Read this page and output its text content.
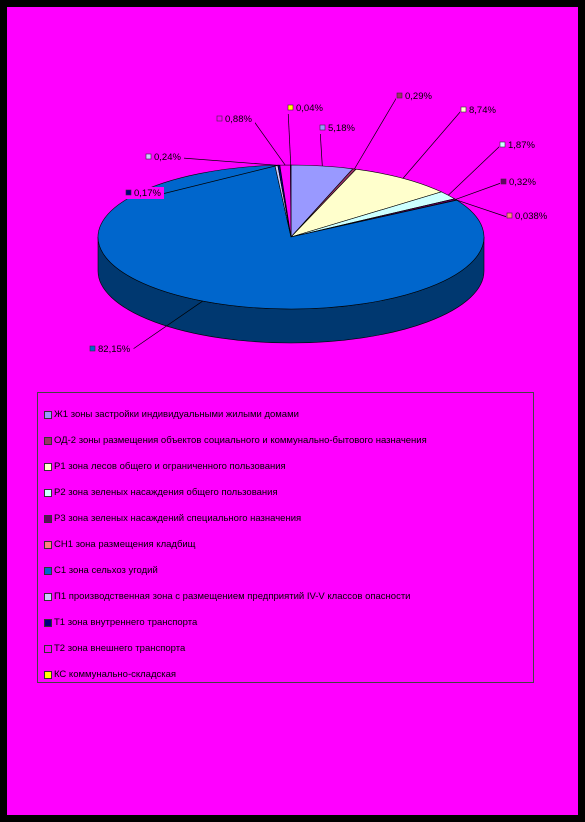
5,18%
0,29%
8,74%
1,87%
0,32%
0,038%
82,15%
0,24%
0,17%
0,88%
0,04%
Ж1 зоны застройки индивидуальными жилыми домами
ОД-2 зоны размещения объектов социального и коммунально-бытового назначения
Р1 зона лесов общего и ограниченного пользования
Р2 зона зеленых насаждения общего пользования
Р3 зона зеленых насаждений специального назначения
СН1 зона размещения кладбищ
С1 зона сельхоз угодий
П1 производственная зона с размещением предприятий IV-V классов опасности
Т1 зона внутреннего транспорта
Т2 зона внешнего транспорта
КС коммунально-складская
